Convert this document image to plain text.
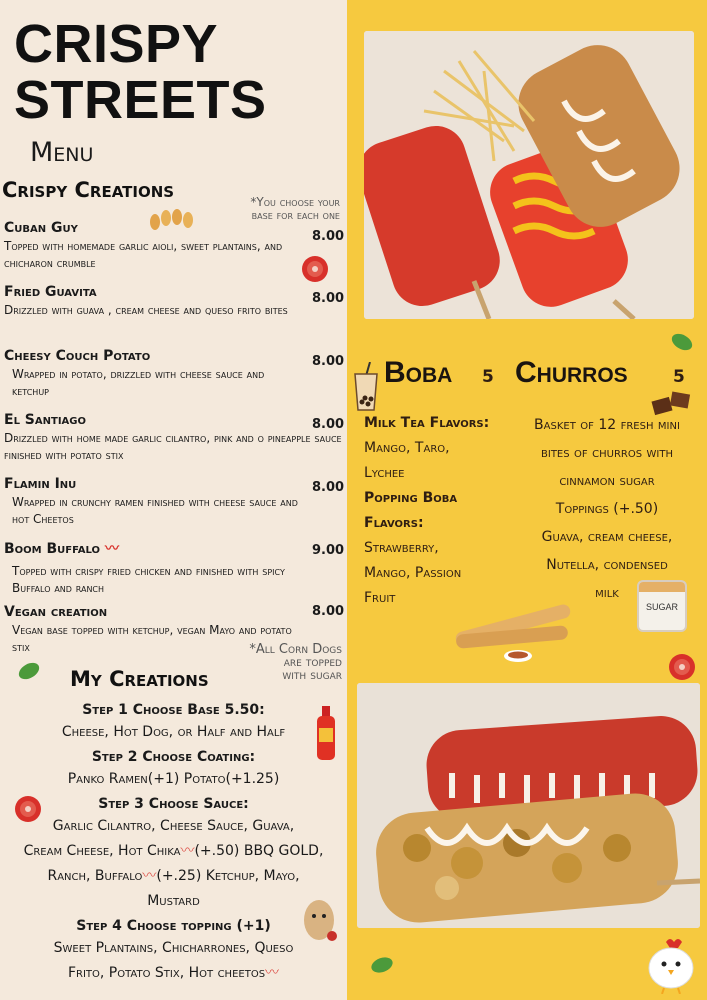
CRISPY
STREETS
Menu
Crispy Creations	*You choose your
base for each one
Cuban Guy
Topped with homemade garlic aioli, sweet plantains, and chicharon crumble
8.00
Fried Guavita
Drizzled with guava , cream cheese and queso frito bites
8.00
Cheesy Couch Potato
Wrapped in potato, drizzled with cheese sauce and ketchup
8.00
El Santiago
Drizzled with home made garlic cilantro, pink and o pineapple sauce finished with potato stix
8.00
Flamin Inu
Wrapped in crunchy ramen finished with cheese sauce and hot Cheetos
8.00
Boom Buffalo 〰
Topped with crispy fried chicken and finished with spicy Buffalo and ranch
9.00
Vegan creation
Vegan base topped with ketchup, vegan Mayo and potato stix
8.00
*All Corn Dogs
are topped
with sugar
My Creations
Step 1 Choose Base 5.50:
Cheese, Hot Dog, or Half and Half
Step 2 Choose Coating:
Panko Ramen(+1) Potato(+1.25)
Step 3 Choose Sauce:
Garlic Cilantro, Cheese Sauce, Guava,
Cream Cheese, Hot Chika〰(+.50) BBQ GOLD,
Ranch, Buffalo〰(+.25) Ketchup, Mayo,
Mustard
Step 4 Choose topping (+1)
Sweet Plantains, Chicharrones, Queso
Frito, Potato Stix, Hot cheetos〰
Boba 5 Churros	5
Milk Tea Flavors:
Mango, Taro,
Lychee
Popping Boba
Flavors:
Strawberry,
Mango, Passion
Fruit
Basket of 12 fresh mini
bites of churros with
cinnamon sugar
Toppings (+.50)
Guava, cream cheese,
Nutella, condensed
milk
SUGAR
